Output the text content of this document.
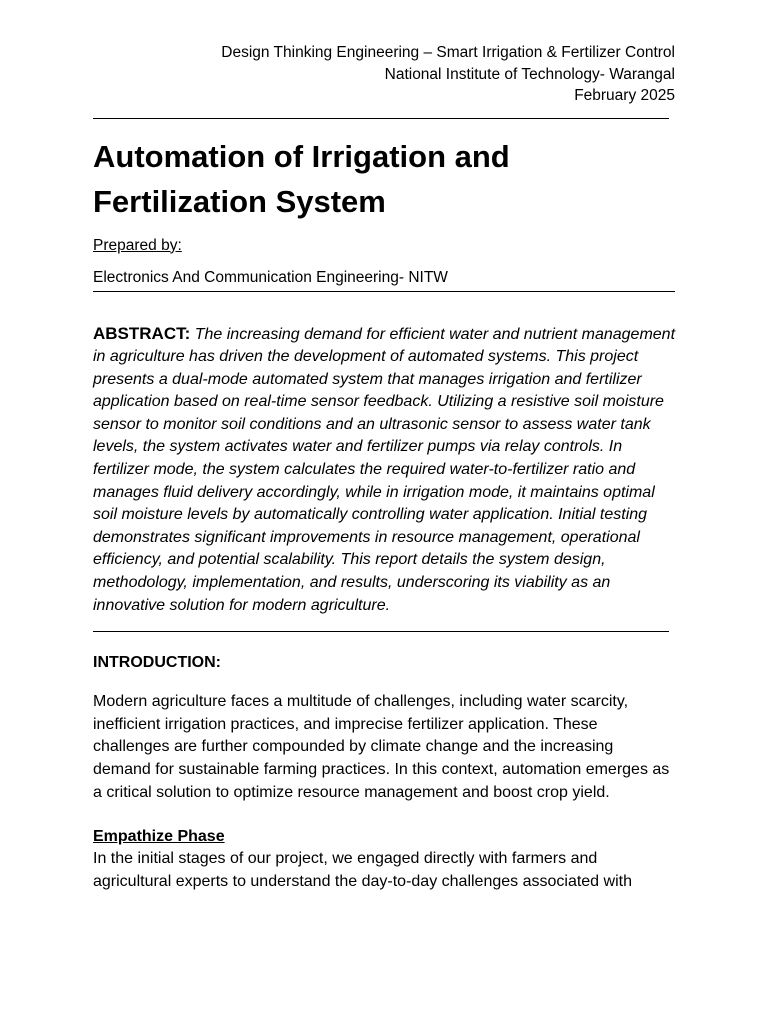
Design Thinking Engineering – Smart Irrigation & Fertilizer Control
National Institute of Technology- Warangal
February 2025
Automation of Irrigation and
Fertilization System
Prepared by:
Electronics And Communication Engineering- NITW
ABSTRACT: The increasing demand for efficient water and nutrient management in agriculture has driven the development of automated systems. This project presents a dual-mode automated system that manages irrigation and fertilizer application based on real-time sensor feedback. Utilizing a resistive soil moisture sensor to monitor soil conditions and an ultrasonic sensor to assess water tank levels, the system activates water and fertilizer pumps via relay controls. In fertilizer mode, the system calculates the required water-to-fertilizer ratio and manages fluid delivery accordingly, while in irrigation mode, it maintains optimal soil moisture levels by automatically controlling water application. Initial testing demonstrates significant improvements in resource management, operational efficiency, and potential scalability. This report details the system design, methodology, implementation, and results, underscoring its viability as an innovative solution for modern agriculture.
INTRODUCTION:
Modern agriculture faces a multitude of challenges, including water scarcity, inefficient irrigation practices, and imprecise fertilizer application. These challenges are further compounded by climate change and the increasing demand for sustainable farming practices. In this context, automation emerges as a critical solution to optimize resource management and boost crop yield.
Empathize Phase
In the initial stages of our project, we engaged directly with farmers and agricultural experts to understand the day-to-day challenges associated with
